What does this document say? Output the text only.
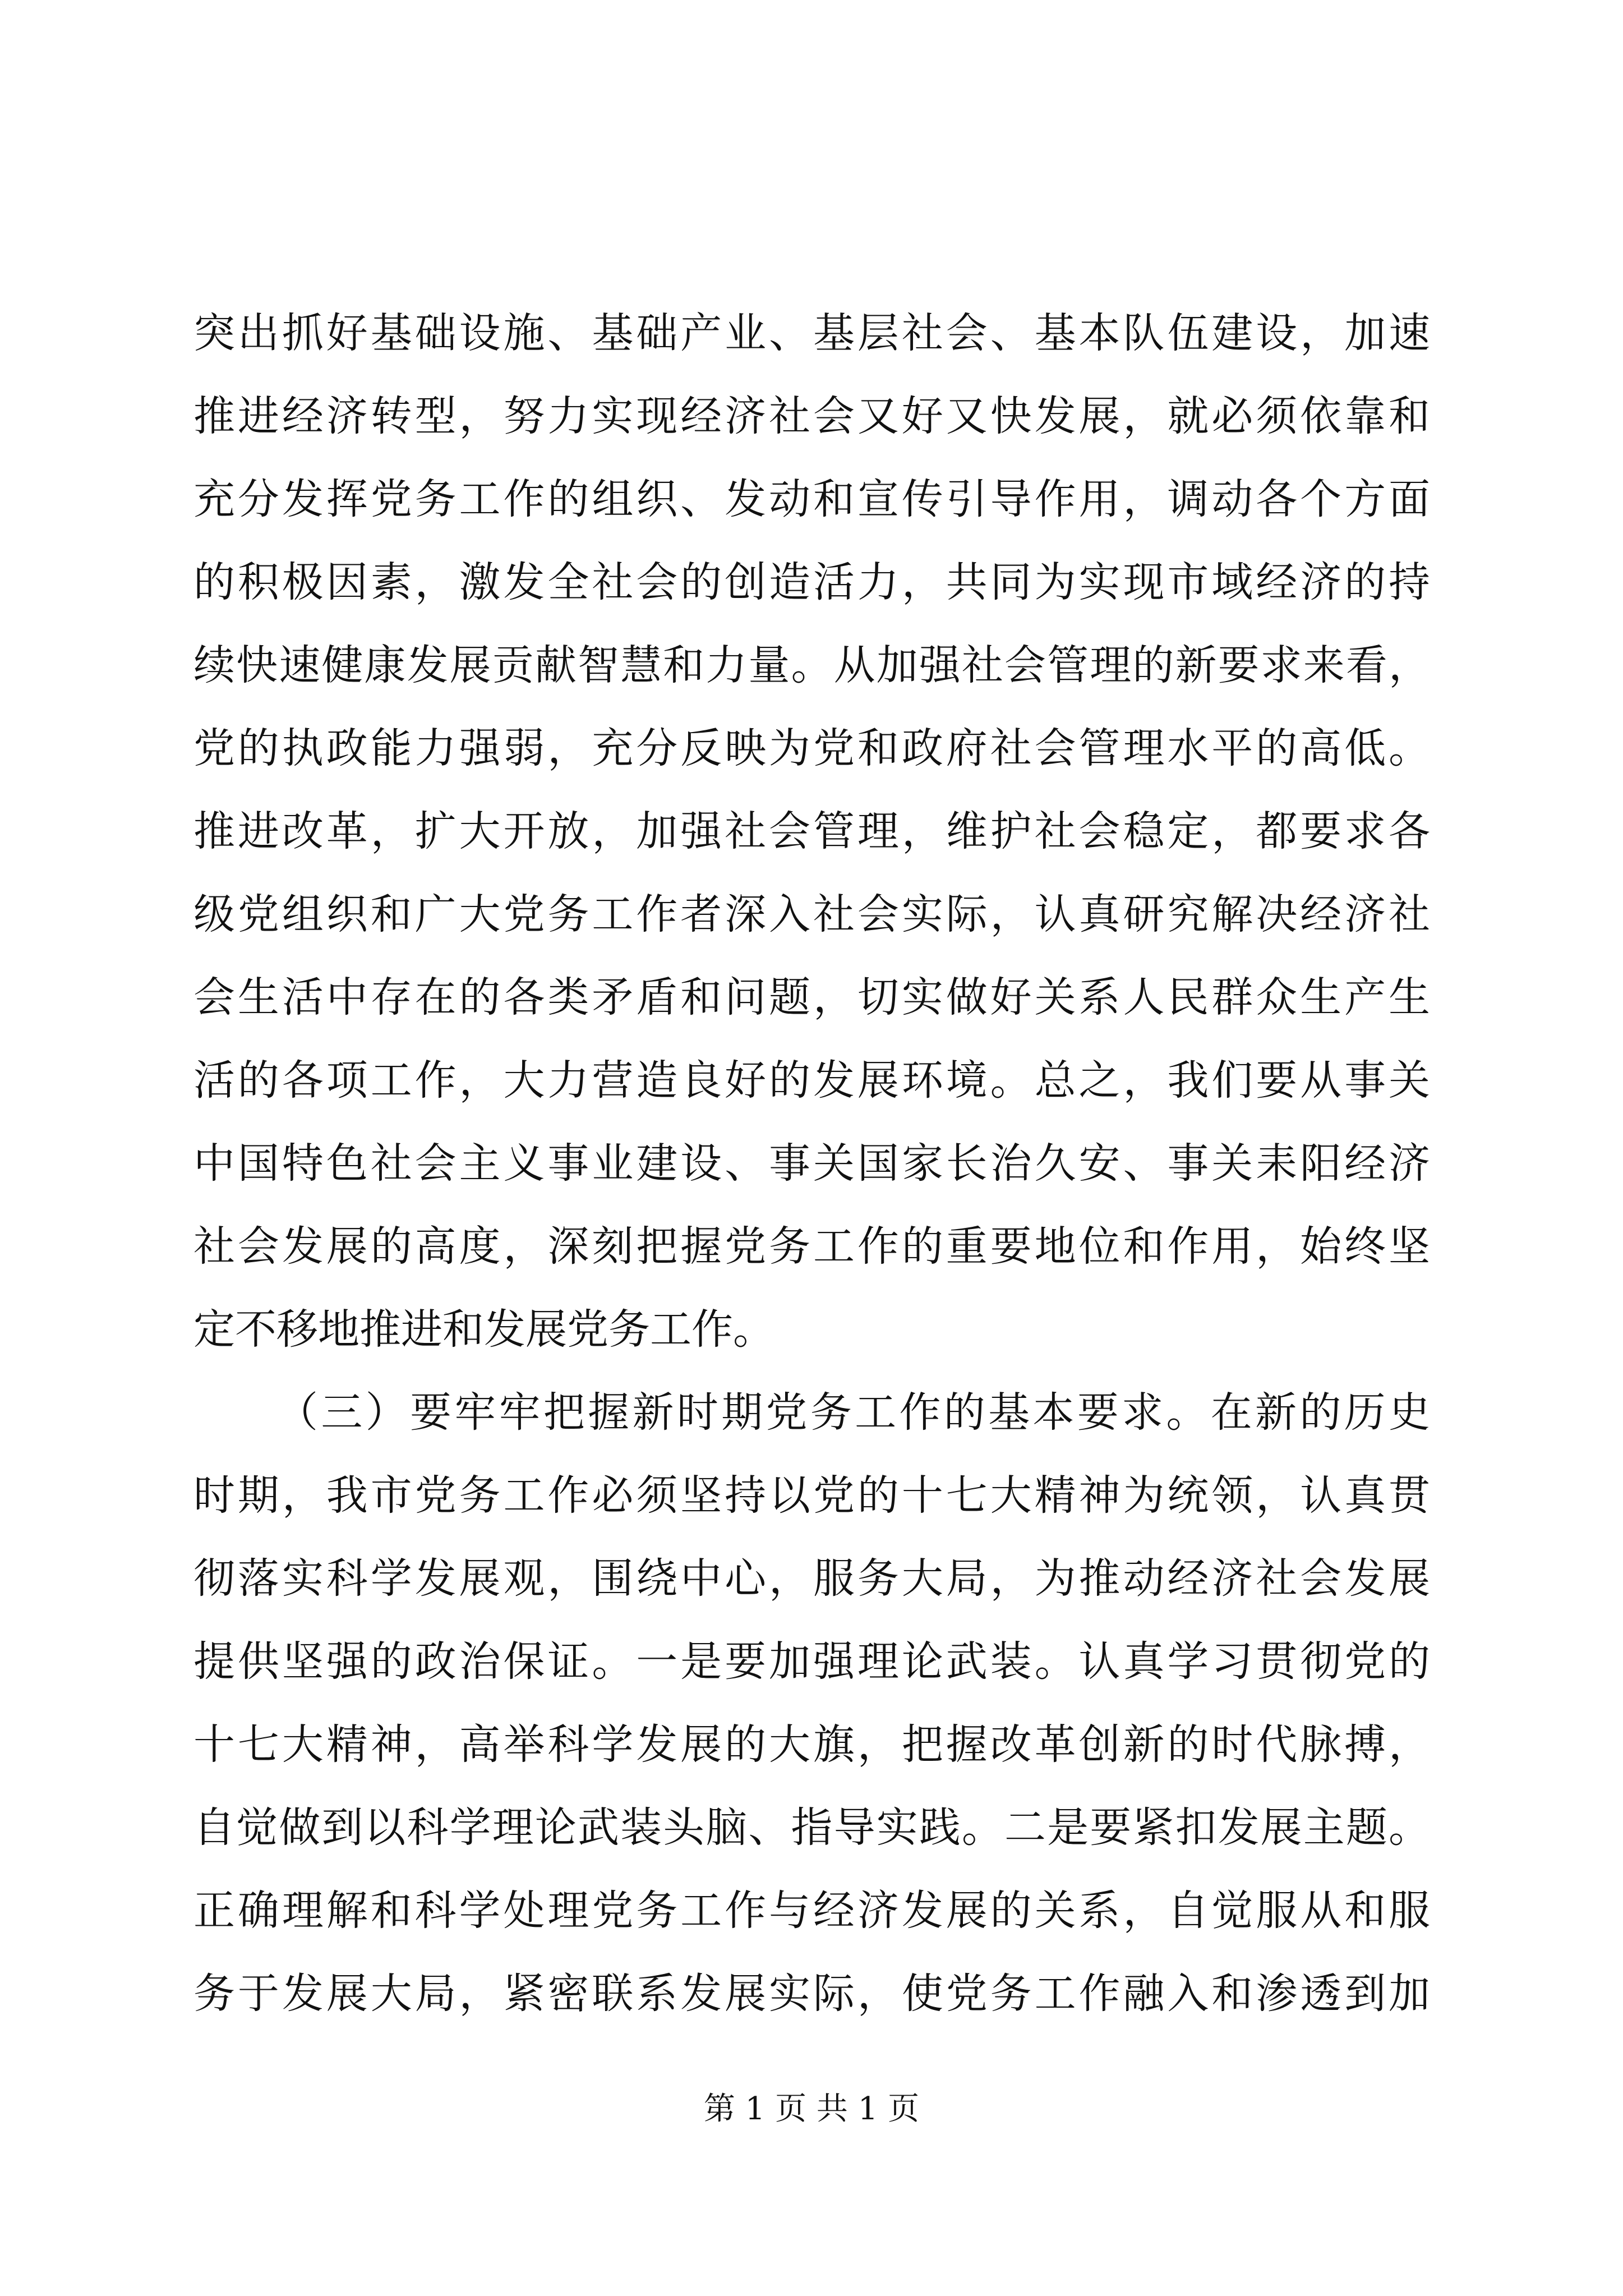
突出抓好基础设施、基础产业、基层社会、基本队伍建设，加速
推进经济转型，努力实现经济社会又好又快发展，就必须依靠和
充分发挥党务工作的组织、发动和宣传引导作用，调动各个方面
的积极因素，激发全社会的创造活力，共同为实现市域经济的持
续快速健康发展贡献智慧和力量。从加强社会管理的新要求来看，
党的执政能力强弱，充分反映为党和政府社会管理水平的高低。
推进改革，扩大开放，加强社会管理，维护社会稳定，都要求各
级党组织和广大党务工作者深入社会实际，认真研究解决经济社
会生活中存在的各类矛盾和问题，切实做好关系人民群众生产生
活的各项工作，大力营造良好的发展环境。总之，我们要从事关
中国特色社会主义事业建设、事关国家长治久安、事关耒阳经济
社会发展的高度，深刻把握党务工作的重要地位和作用，始终坚
定不移地推进和发展党务工作。
（三）要牢牢把握新时期党务工作的基本要求。在新的历史
时期，我市党务工作必须坚持以党的十七大精神为统领，认真贯
彻落实科学发展观，围绕中心，服务大局，为推动经济社会发展
提供坚强的政治保证。一是要加强理论武装。认真学习贯彻党的
十七大精神，高举科学发展的大旗，把握改革创新的时代脉搏，
自觉做到以科学理论武装头脑、指导实践。二是要紧扣发展主题。
正确理解和科学处理党务工作与经济发展的关系，自觉服从和服
务于发展大局，紧密联系发展实际，使党务工作融入和渗透到加
第 1 页 共 1 页
